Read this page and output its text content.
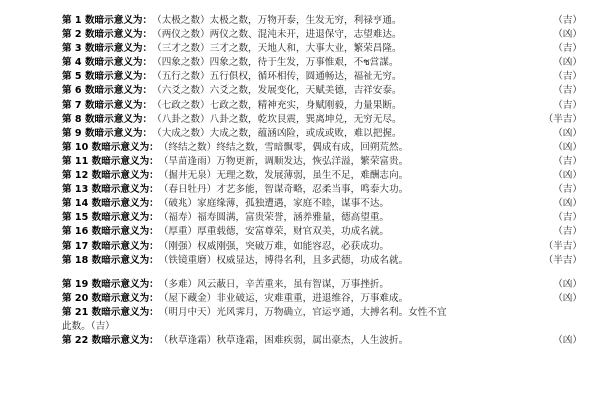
第 1 数暗示意义为： （太极之数）太极之数，万物开泰，生发无穷，利禄亨通。	（吉）
第 2 数暗示意义为： （两仪之数）两仪之数、混沌未开，进退保守，志望难达。	（凶）
第 3 数暗示意义为： （三才之数）三才之数，天地人和，大事大业，繁荣昌隆。	（吉）
第 4 数暗示意义为： （四象之数）四象之数，待于生发，万事惟艰，不ช営謀。	（凶）
第 5 数暗示意义为： （五行之数）五行俱权，循环相传，圆通畅达，福祉无穷。	（吉）
第 6 数暗示意义为： （六爻之数）六爻之数，发展变化，天赋美德，吉祥安泰。	（吉）
第 7 数暗示意义为： （七政之数）七政之数，精神充实，身赋刚毅，力量果断。	（吉）
第 8 数暗示意义为： （八卦之数）八卦之数，乾坎艮震，巽离坤兑，无穷无尽。	（半吉）
第 9 数暗示意义为： （大成之数）大成之数，蕴涵凶险，或成或败，难以把握。	（凶）
第 10 数暗示意义为： （终结之数）终结之数，雪暗飘零，偶成有成，回朔荒然。	（凶）
第 11 数暗示意义为： （旱苗逢雨）万物更新，调顺发达，恢弘洋溢，繁荣富贵。	（吉）
第 12 数暗示意义为： （掘井无泉）无理之数，发展薄弱，虽生不足，难酬志向。	（凶）
第 13 数暗示意义为： （春日牡丹）才艺多能，智谋奇略，忍柔当事，鸣泰大功。	（吉）
第 14 数暗示意义为： （破兆）家庭缘薄，孤独遭遇，家庭不睦，谋事不达。	（凶）
第 15 数暗示意义为： （福寿）福寿圆满，富贵荣誉，涵养雅量，德高望重。	（吉）
第 16 数暗示意义为： （厚重）厚重载德，安富尊荣，财官双美，功成名就。	（吉）
第 17 数暗示意义为： （刚强）权威刚强，突破万难，如能容忍，必获成功。	（半吉）
第 18 数暗示意义为： （铁镜重磨）权威显达，博得名利，且多武德，功成名就。	（半吉）
第 19 数暗示意义为： （多难）风云蔽日，辛苦重来，虽有智谋，万事挫折。	（凶）
第 20 数暗示意义为： （屋下藏金）非业破运，灾难重重，进退维谷，万事难成。	（凶）
第 21 数暗示意义为： （明月中天）光风霁月，万物确立，官运亨通，大搏名利。女性不宜
此数。（吉）
第 22 数暗示意义为： （秋草逢霜）秋草逢霜，困难疾弱，属出豪杰，人生波折。	（凶）
